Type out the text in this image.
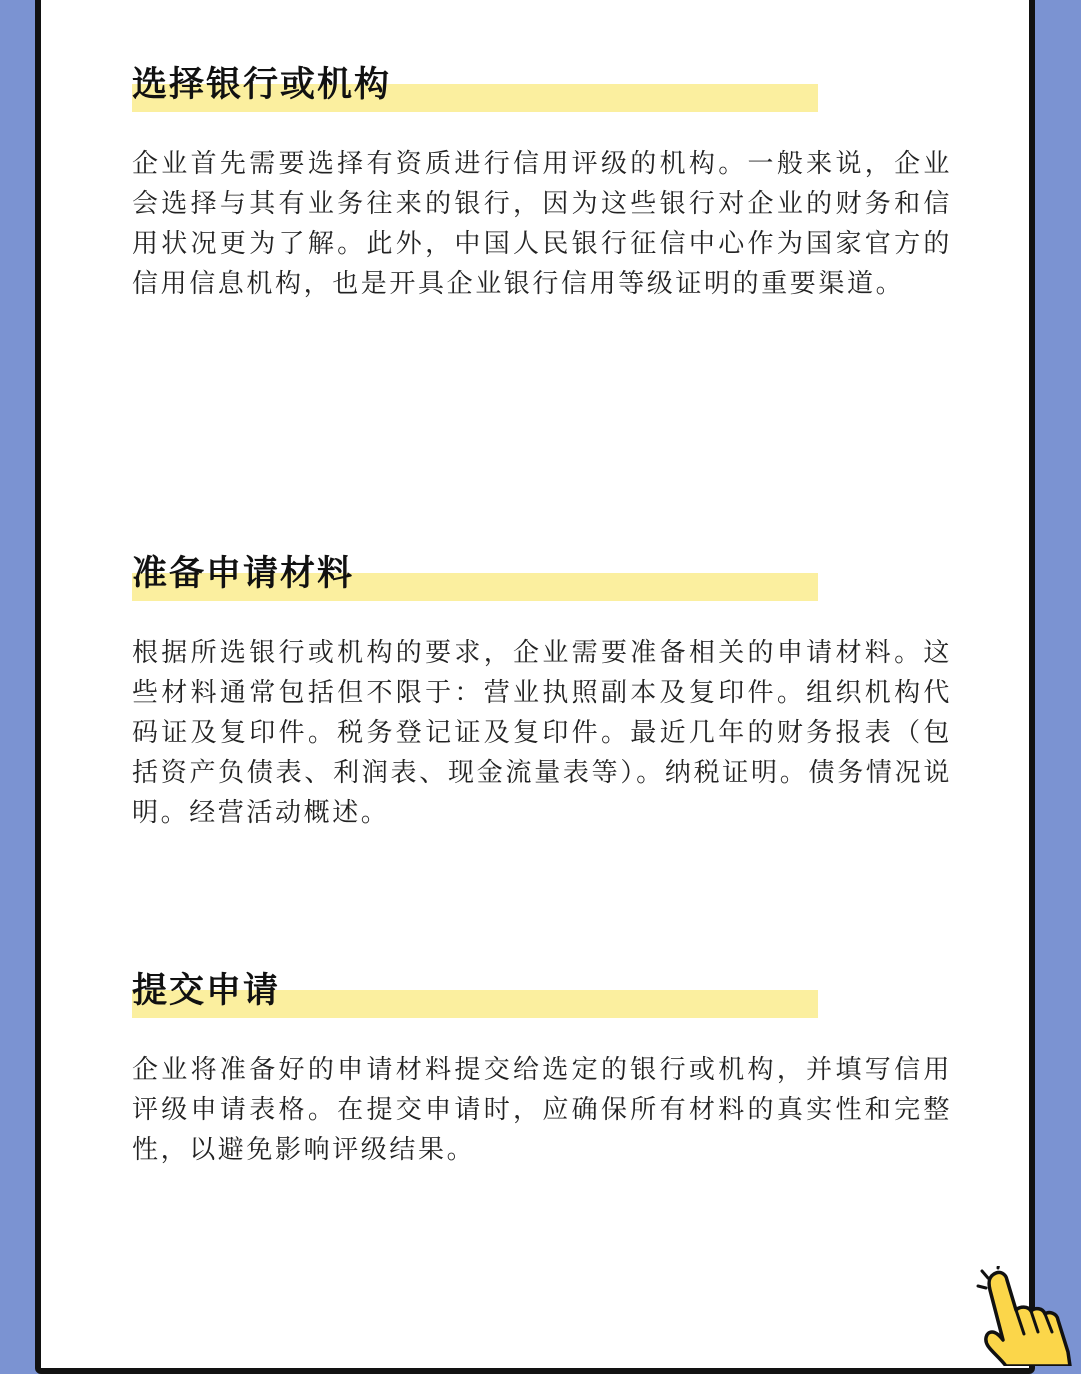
选择银行或机构

企业首先需要选择有资质进行信用评级的机构。一般来说，企业会选择与其有业务往来的银行，因为这些银行对企业的财务和信用状况更为了解。此外，中国人民银行征信中心作为国家官方的信用信息机构，也是开具企业银行信用等级证明的重要渠道。

准备申请材料

根据所选银行或机构的要求，企业需要准备相关的申请材料。这些材料通常包括但不限于：营业执照副本及复印件。组织机构代码证及复印件。税务登记证及复印件。最近几年的财务报表（包括资产负债表、利润表、现金流量表等）。纳税证明。债务情况说明。经营活动概述。

提交申请

企业将准备好的申请材料提交给选定的银行或机构，并填写信用评级申请表格。在提交申请时，应确保所有材料的真实性和完整性，以避免影响评级结果。
